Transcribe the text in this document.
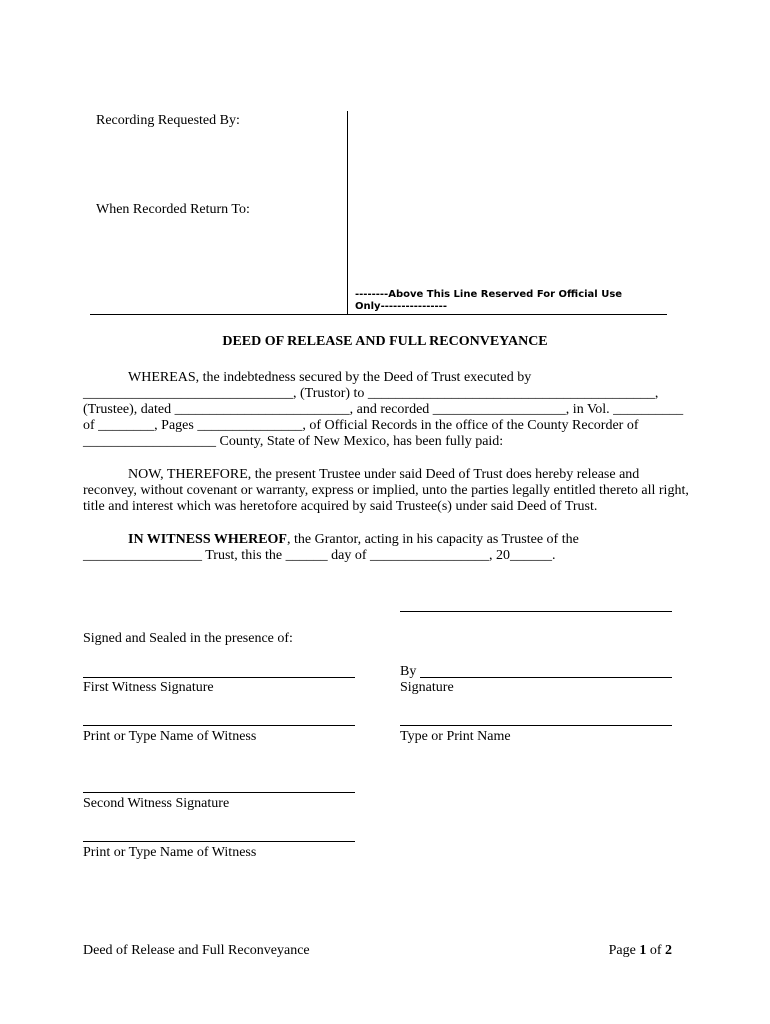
Recording Requested By:
When Recorded Return To:
--------Above This Line Reserved For Official Use Only----------------
DEED OF RELEASE AND FULL RECONVEYANCE
WHEREAS, the indebtedness secured by the Deed of Trust executed by
______________________________, (Trustor) to _________________________________________,
(Trustee), dated _________________________, and recorded ___________________, in Vol. __________
of ________, Pages _______________, of Official Records in the office of the County Recorder of
___________________ County, State of New Mexico, has been fully paid:
NOW, THEREFORE, the present Trustee under said Deed of Trust does hereby release and
reconvey, without covenant or warranty, express or implied, unto the parties legally entitled thereto all right,
title and interest which was heretofore acquired by said Trustee(s) under said Deed of Trust.
IN WITNESS WHEREOF, the Grantor, acting in his capacity as Trustee of the
_________________ Trust, this the ______ day of _________________, 20______.
Signed and Sealed in the presence of:
First Witness Signature
By
Signature
Print or Type Name of Witness	Type or Print Name
Second Witness Signature
Print or Type Name of Witness
Deed of Release and Full Reconveyance	Page 1 of 2
